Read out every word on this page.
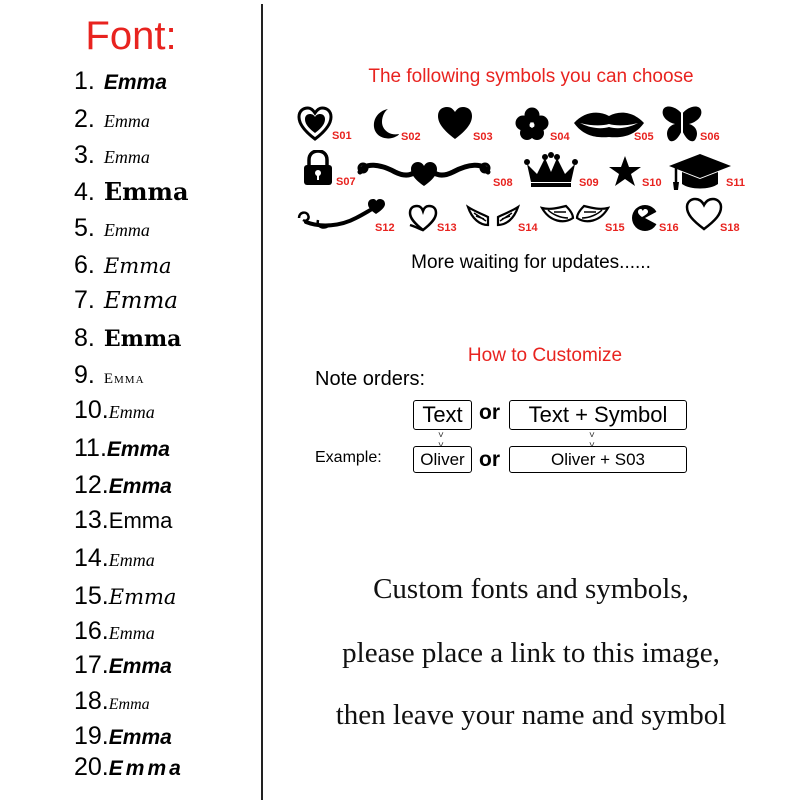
Font:
1. Emma
2. Emma
3. Emma
4. Emma
5. Emma
6. Emma
7. Emma
8. Emma
9. Emma
10.Emma
11.Emma
12.Emma
13.Emma
14.Emma
15.Emma
16.Emma
17.Emma
18.Emma
19.Emma
20.Emma
The following symbols you can choose
S01	S02	S03	S04	S05	S06
S07	S08	S09	S10	S11
S12	S13	S14	S15	S16	S18
More waiting for updates......
How to Customize
Note orders:
Text or	Text + Symbol
˅	˅

Example:	Oliver or	Oliver + S03
Custom fonts and symbols,
please place a link to this image,
then leave your name and symbol
